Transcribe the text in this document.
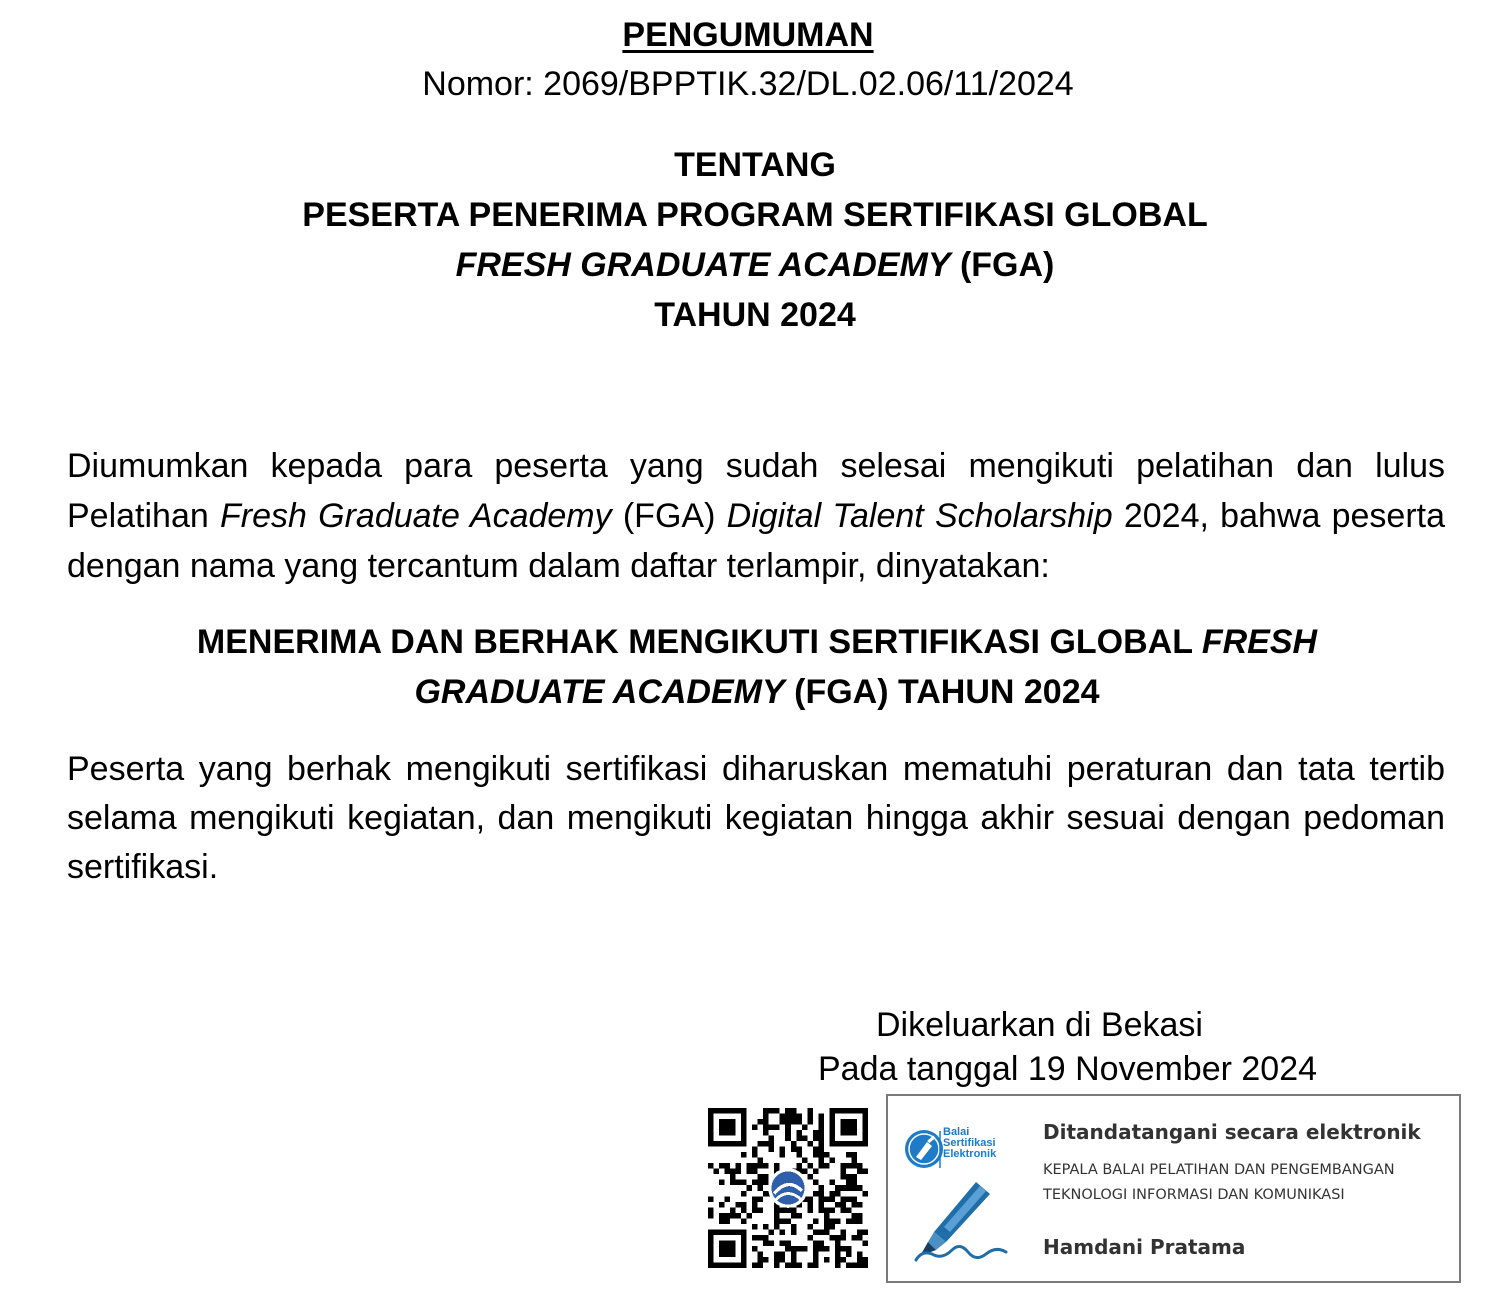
PENGUMUMAN
Nomor: 2069/BPPTIK.32/DL.02.06/11/2024
TENTANG
PESERTA PENERIMA PROGRAM SERTIFIKASI GLOBAL
FRESH GRADUATE ACADEMY (FGA)
TAHUN 2024
Diumumkan kepada para peserta yang sudah selesai mengikuti pelatihan dan lulus Pelatihan Fresh Graduate Academy (FGA) Digital Talent Scholarship 2024, bahwa peserta dengan nama yang tercantum dalam daftar terlampir, dinyatakan:
MENERIMA DAN BERHAK MENGIKUTI SERTIFIKASI GLOBAL FRESH
GRADUATE ACADEMY (FGA) TAHUN 2024
Peserta yang berhak mengikuti sertifikasi diharuskan mematuhi peraturan dan tata tertib selama mengikuti kegiatan, dan mengikuti kegiatan hingga akhir sesuai dengan pedoman sertifikasi.
Dikeluarkan di Bekasi
Pada tanggal 19 November 2024
Balai
Sertifikasi
Elektronik
Ditandatangani secara elektronik
KEPALA BALAI PELATIHAN DAN PENGEMBANGAN
TEKNOLOGI INFORMASI DAN KOMUNIKASI
Hamdani Pratama
